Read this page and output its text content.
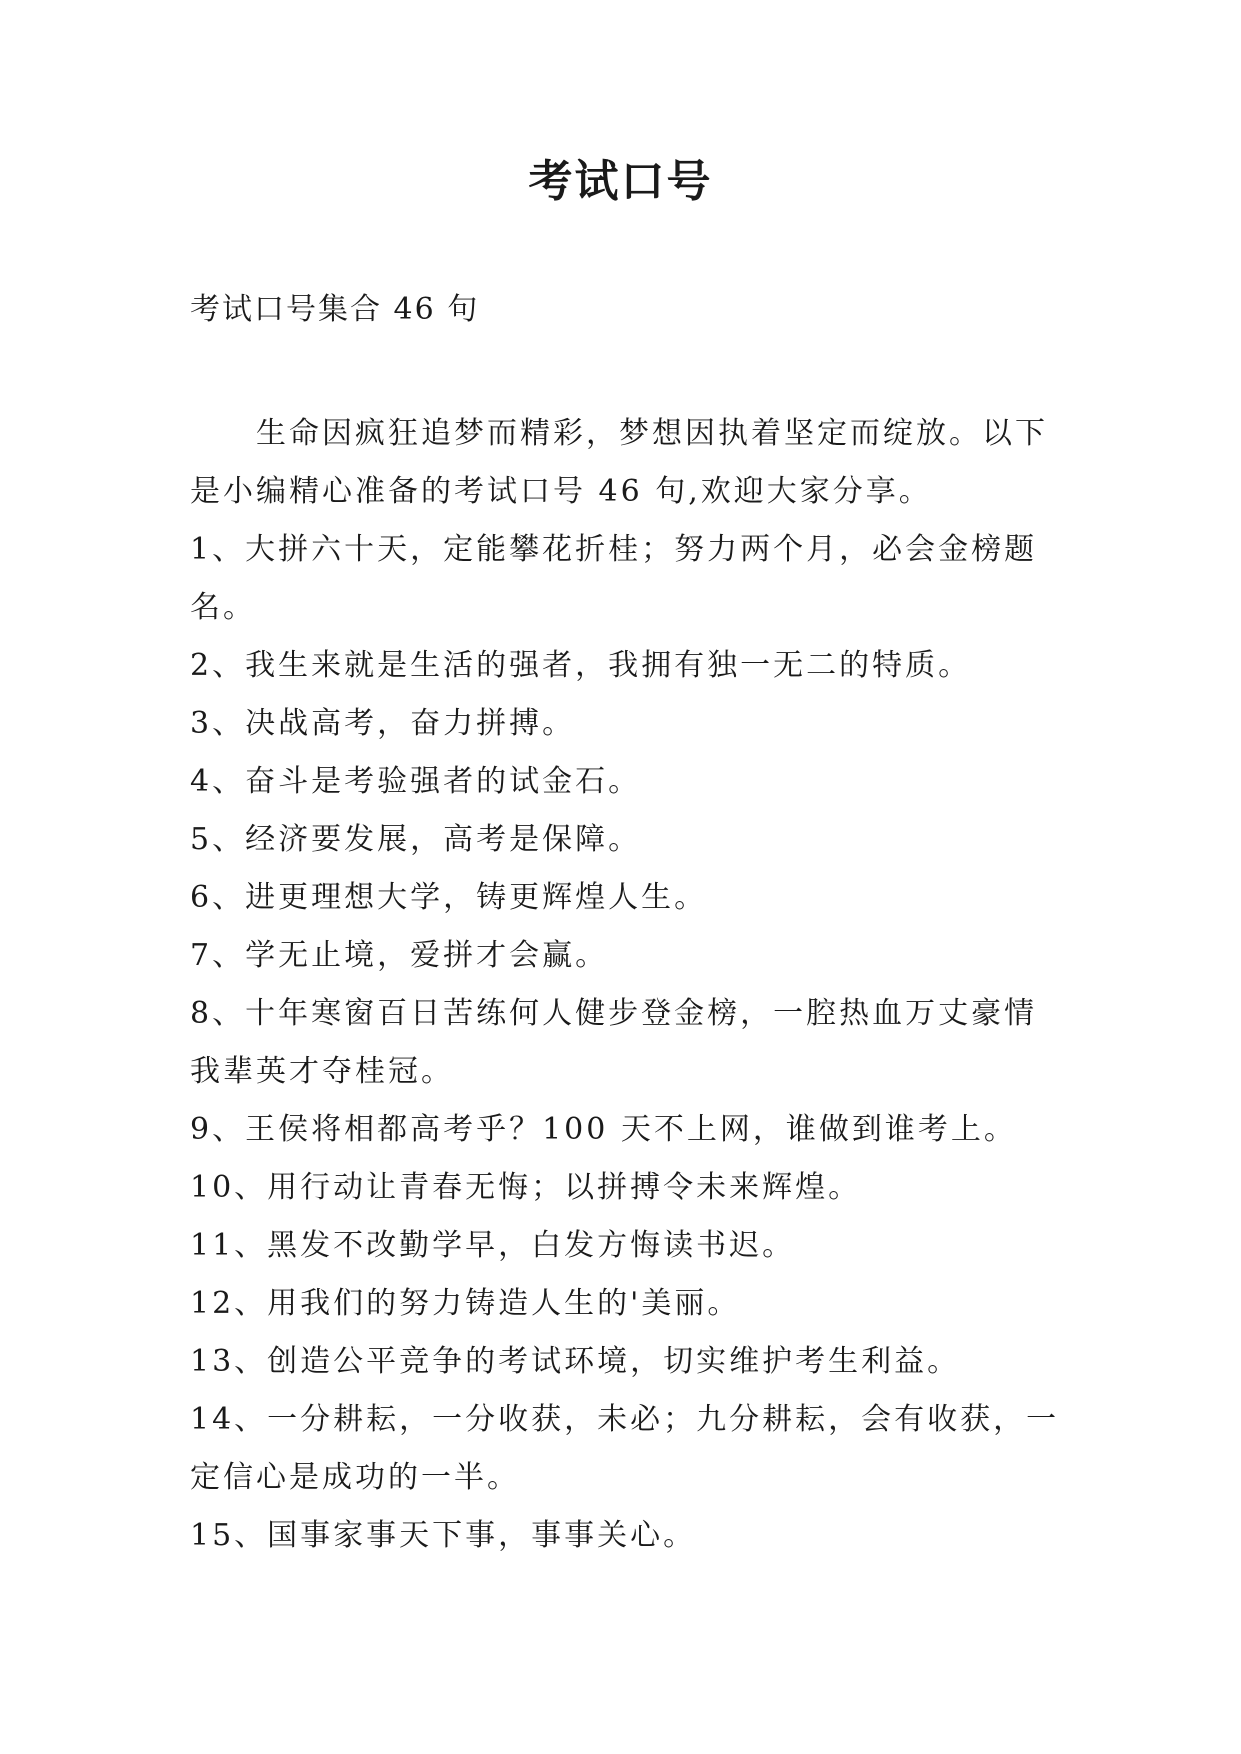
考试口号
考试口号集合 46 句

生命因疯狂追梦而精彩，梦想因执着坚定而绽放。以下是小编精心准备的考试口号 46 句,欢迎大家分享。

1、大拼六十天，定能攀花折桂；努力两个月，必会金榜题名。

2、我生来就是生活的强者，我拥有独一无二的特质。

3、决战高考，奋力拼搏。

4、奋斗是考验强者的试金石。

5、经济要发展，高考是保障。

6、进更理想大学，铸更辉煌人生。

7、学无止境，爱拼才会赢。

8、十年寒窗百日苦练何人健步登金榜，一腔热血万丈豪情我辈英才夺桂冠。

9、王侯将相都高考乎？100 天不上网，谁做到谁考上。

10、用行动让青春无悔；以拼搏令未来辉煌。

11、黑发不改勤学早，白发方悔读书迟。

12、用我们的努力铸造人生的'美丽。

13、创造公平竞争的考试环境，切实维护考生利益。

14、一分耕耘，一分收获，未必；九分耕耘，会有收获，一定信心是成功的一半。

15、国事家事天下事，事事关心。
